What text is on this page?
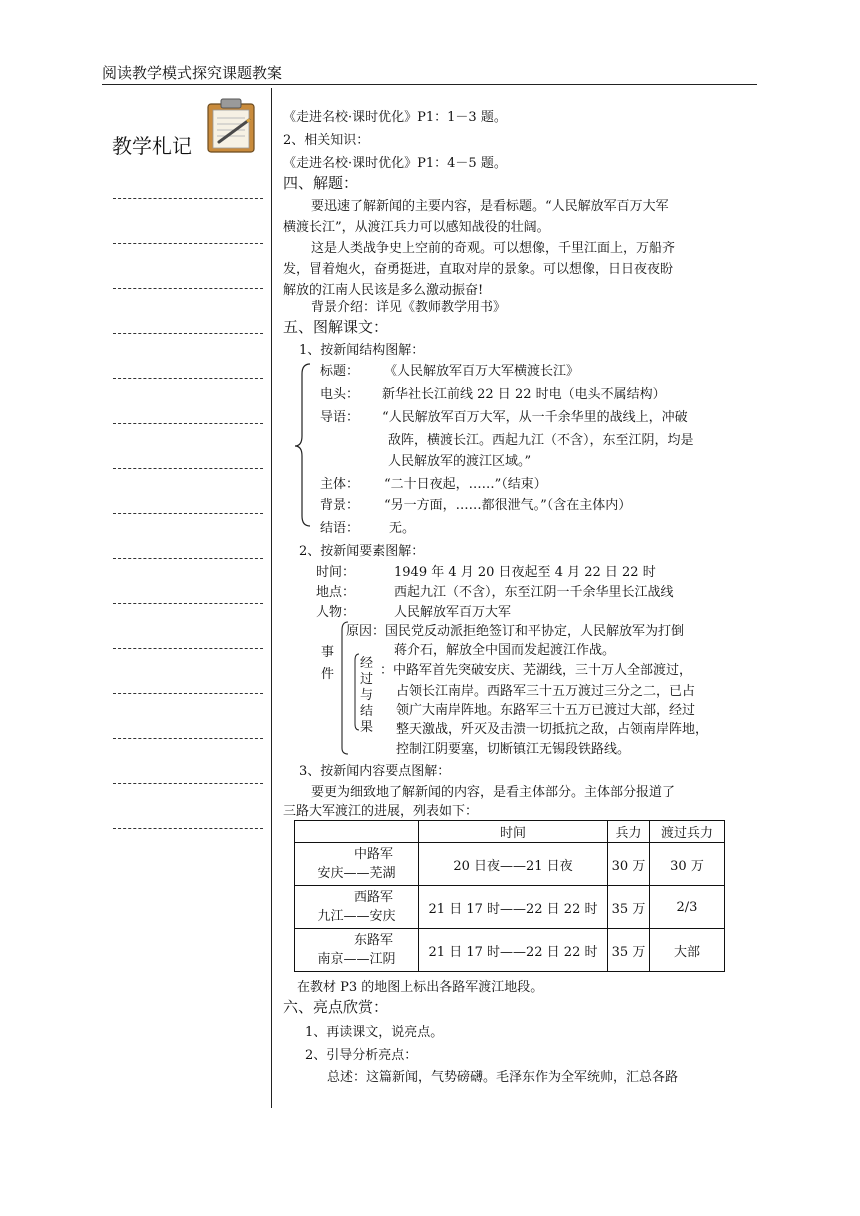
阅读教学模式探究课题教案
教学札记
《走进名校·课时优化》P1：1－3 题。
2、相关知识：
《走进名校·课时优化》P1：4－5 题。
四、解题：
要迅速了解新闻的主要内容，是看标题。“人民解放军百万大军
横渡长江”，从渡江兵力可以感知战役的壮阔。
这是人类战争史上空前的奇观。可以想像，千里江面上，万船齐
发，冒着炮火，奋勇挺进，直取对岸的景象。可以想像，日日夜夜盼
解放的江南人民该是多么激动振奋!
背景介绍：详见《教师教学用书》
五、图解课文：
1、按新闻结构图解：
标题： 《人民解放军百万大军横渡长江》
电头： 新华社长江前线 22 日 22 时电（电头不属结构）
导语： “人民解放军百万大军，从一千余华里的战线上，冲破
敌阵，横渡长江。西起九江（不含），东至江阴，均是
人民解放军的渡江区域。”
主体： “二十日夜起，……”（结束）
背景： “另一方面，……都很泄气。”（含在主体内）
结语： 无。
2、按新闻要素图解：
时间：	1949 年 4 月 20 日夜起至 4 月 22 日 22 时
地点：	西起九江（不含），东至江阴一千余华里长江战线
人物：	人民解放军百万大军
事
件
原因：国民党反动派拒绝签订和平协定，人民解放军为打倒
蒋介石，解放全中国而发起渡江作战。
经
过
与
结
果
：中路军首先突破安庆、芜湖线，三十万人全部渡过，
占领长江南岸。西路军三十五万渡过三分之二，已占
领广大南岸阵地。东路军三十五万已渡过大部，经过
整天激战，歼灭及击溃一切抵抗之敌，占领南岸阵地，
控制江阴要塞，切断镇江无锡段铁路线。
3、按新闻内容要点图解：
要更为细致地了解新闻的内容，是看主体部分。主体部分报道了
三路大军渡江的进展，列表如下：
	时间	兵力	渡过兵力

中路军
安庆——芜湖	20 日夜——21 日夜	30 万	30 万

西路军
九江——安庆	21 日 17 时——22 日 22 时	35 万	2/3

东路军
南京——江阴	21 日 17 时——22 日 22 时	35 万	大部
在教材 P3 的地图上标出各路军渡江地段。
六、亮点欣赏：
1、再读课文，说亮点。
2、引导分析亮点：
总述：这篇新闻，气势磅礴。毛泽东作为全军统帅，汇总各路
